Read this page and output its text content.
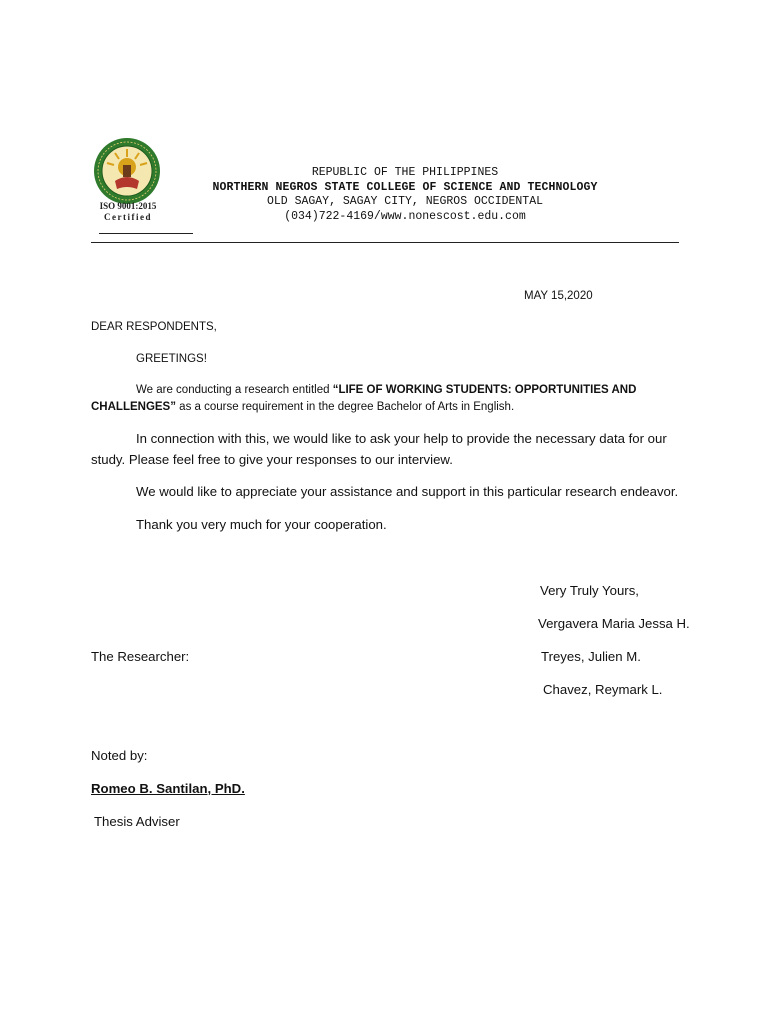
ISO 9001:2015
Certified
REPUBLIC OF THE PHILIPPINES
NORTHERN NEGROS STATE COLLEGE OF SCIENCE AND TECHNOLOGY
OLD SAGAY, SAGAY CITY, NEGROS OCCIDENTAL
(034)722-4169/www.nonescost.edu.com
MAY 15,2020
DEAR RESPONDENTS,
GREETINGS!
We are conducting a research entitled “LIFE OF WORKING STUDENTS: OPPORTUNITIES AND
CHALLENGES” as a course requirement in the degree Bachelor of Arts in English.
In connection with this, we would like to ask your help to provide the necessary data for our
study. Please feel free to give your responses to our interview.
We would like to appreciate your assistance and support in this particular research endeavor.
Thank you very much for your cooperation.
Very Truly Yours,
Vergavera Maria Jessa H.
The Researcher:	Treyes, Julien M.
Chavez, Reymark L.
Noted by:
Romeo B. Santilan, PhD.
Thesis Adviser
